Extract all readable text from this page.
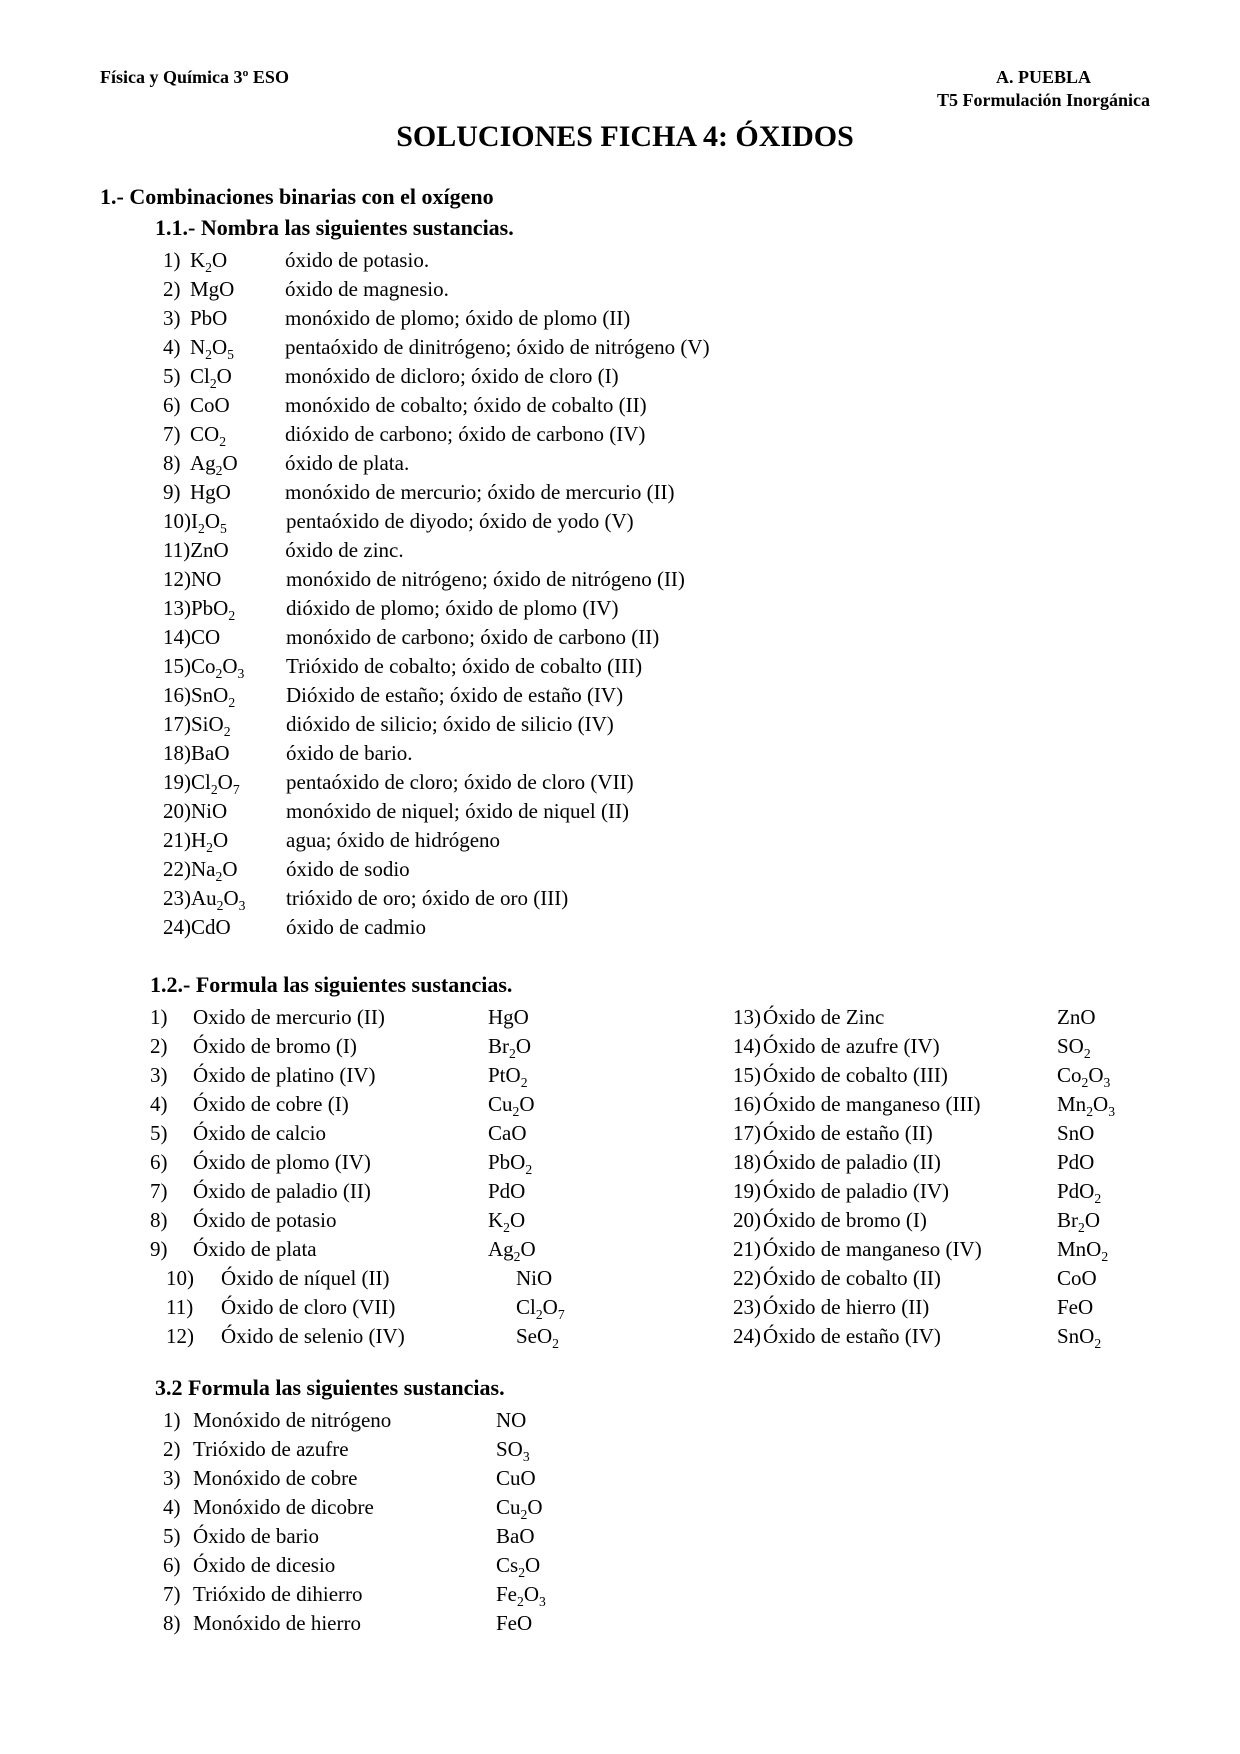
Física y Química 3º ESO	A. PUEBLA
T5 Formulación Inorgánica
SOLUCIONES FICHA 4: ÓXIDOS
1.- Combinaciones binarias con el oxígeno
1.1.- Nombra las siguientes sustancias.
1) $K_2O$	óxido de potasio.
2) MgO	óxido de magnesio.
3) PbO	monóxido de plomo; óxido de plomo (II)
4) $N_2O_5$	pentaóxido de dinitrógeno; óxido de nitrógeno (V)
5) $Cl_2O$	monóxido de dicloro; óxido de cloro (I)
6) CoO	monóxido de cobalto; óxido de cobalto (II)
7) $CO_2$	dióxido de carbono; óxido de carbono (IV)
8) $Ag_2O$	óxido de plata.
9) HgO	monóxido de mercurio; óxido de mercurio (II)
10) $I_2O_5$	pentaóxido de diyodo; óxido de yodo (V)
11) ZnO	óxido de zinc.
12) NO	monóxido de nitrógeno; óxido de nitrógeno (II)
13) PbO$_2$	dióxido de plomo; óxido de plomo (IV)
14) CO	monóxido de carbono; óxido de carbono (II)
15) $Co_2O_3$	Trióxido de cobalto; óxido de cobalto (III)
16) SnO$_2$	Dióxido de estaño; óxido de estaño (IV)
17) SiO$_2$	dióxido de silicio; óxido de silicio (IV)
18) BaO	óxido de bario.
19) $Cl_2O_7$	pentaóxido de cloro; óxido de cloro (VII)
20) NiO	monóxido de niquel; óxido de niquel (II)
21) $H_2O$	agua; óxido de hidrógeno
22) $Na_2O$	óxido de sodio
23) $Au_2O_3$	trióxido de oro; óxido de oro (III)
24) CdO	óxido de cadmio
1.2.- Formula las siguientes sustancias.
1)	Oxido de mercurio (II)	HgO
2)	Óxido de bromo (I)	$Br_2O$
3)	Óxido de platino (IV)	PtO$_2$
4)	Óxido de cobre (I)	$Cu_2O$
5)	Óxido de calcio	CaO
6)	Óxido de plomo (IV)	PbO$_2$
7)	Óxido de paladio (II)	PdO
8)	Óxido de potasio	$K_2O$
9)	Óxido de plata	$Ag_2O$
10)	Óxido de níquel (II)	NiO
11)	Óxido de cloro (VII)	$Cl_2O_7$
12)	Óxido de selenio (IV)	SeO$_2$
13) Óxido de Zinc	ZnO
14) Óxido de azufre (IV)	$SO_2$
15) Óxido de cobalto (III)	$Co_2O_3$
16) Óxido de manganeso (III)	$Mn_2O_3$
17) Óxido de estaño (II)	SnO
18) Óxido de paladio (II)	PdO
19) Óxido de paladio (IV)	PdO$_2$
20) Óxido de bromo (I)	$Br_2O$
21) Óxido de manganeso (IV)	MnO$_2$
22) Óxido de cobalto (II)	CoO
23) Óxido de hierro (II)	FeO
24) Óxido de estaño (IV)	SnO$_2$
3.2 Formula las siguientes sustancias.
1) Monóxido de nitrógeno	NO
2) Trióxido de azufre	$SO_3$
3) Monóxido de cobre	CuO
4) Monóxido de dicobre	$Cu_2O$
5) Óxido de bario	BaO
6) Óxido de dicesio	$Cs_2O$
7) Trióxido de dihierro	$Fe_2O_3$
8) Monóxido de hierro	FeO
